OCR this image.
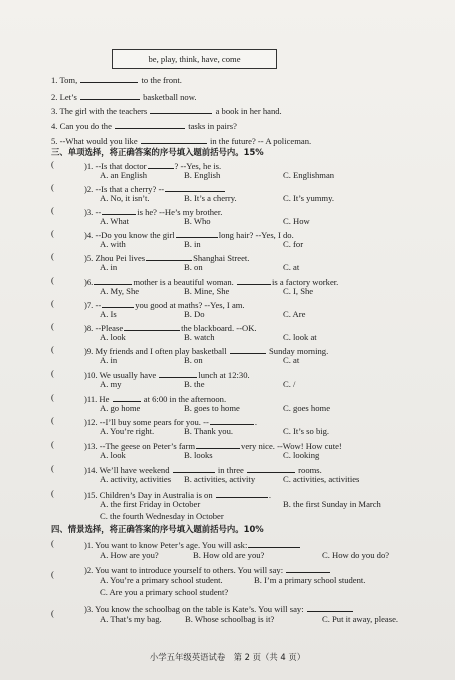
be, play, think, have, come
1. Tom,	to the front.
2. Let’s	basketball now.
3. The girl with the teachers	a book in her hand.
4. Can you do the	tasks in pairs?
5. --What would you like	in the future? -- A policeman.
三、单项选择，将正确答案的序号填入题前括号内。15%
(	)1. --Is that doctor	? --Yes, he is.
A. an English	B. English	C. Englishman
(	)2. --Is that a cherry? --
A. No, it isn’t.	B. It’s a cherry.	C. It’s yummy.
(	)3. --	is he? --He’s my brother.
A. What	B. Who	C. How
(	)4. --Do you know the girl	long hair? --Yes, I do.
A. with	B. in	C. for
(	)5. Zhou Pei lives	Shanghai Street.
A. in	B. on	C. at
(	)6.	mother is a beautiful woman.	is a factory worker.
A. My, She	B. Mine, She	C. I, She
(	)7. --	you good at maths? --Yes, I am.
A. Is	B. Do	C. Are
(	)8. --Please	the blackboard. --OK.
A. look	B. watch	C. look at
(	)9. My friends and I often play basketball	Sunday morning.
A. in	B. on	C. at
(	)10. We usually have	lunch at 12:30.
A. my	B. the	C. /
(	)11. He	at 6:00 in the afternoon.
A. go home	B. goes to home	C. goes home
(	)12. --I’ll buy some pears for you. --	.
A. You’re right.	B. Thank you.	C. It’s so big.
(	)13. --The geese on Peter’s farm	very nice. --Wow! How cute!
A. look	B. looks	C. looking
(	)14. We’ll have weekend	in three	rooms.
A. activity, activities B. activities, activity	C. activities, activities
(	)15. Children’s Day in Australia is on	.
A. the first Friday in October	B. the first Sunday in March
C. the fourth Wednesday in October
四、情景选择，将正确答案的序号填入题前括号内。10%
(	)1. You want to know Peter’s age. You will ask:
A. How are you?	B. How old are you?	C. How do you do?
(	)2. You want to introduce yourself to others. You will say:
A. You’re a primary school student.	B. I’m a primary school student.
C. Are you a primary school student?
(	)3. You know the schoolbag on the table is Kate’s. You will say:
A. That’s my bag.	B. Whose schoolbag is it?	C. Put it away, please.
小学五年级英语试卷　第 2 页（共 4 页）
